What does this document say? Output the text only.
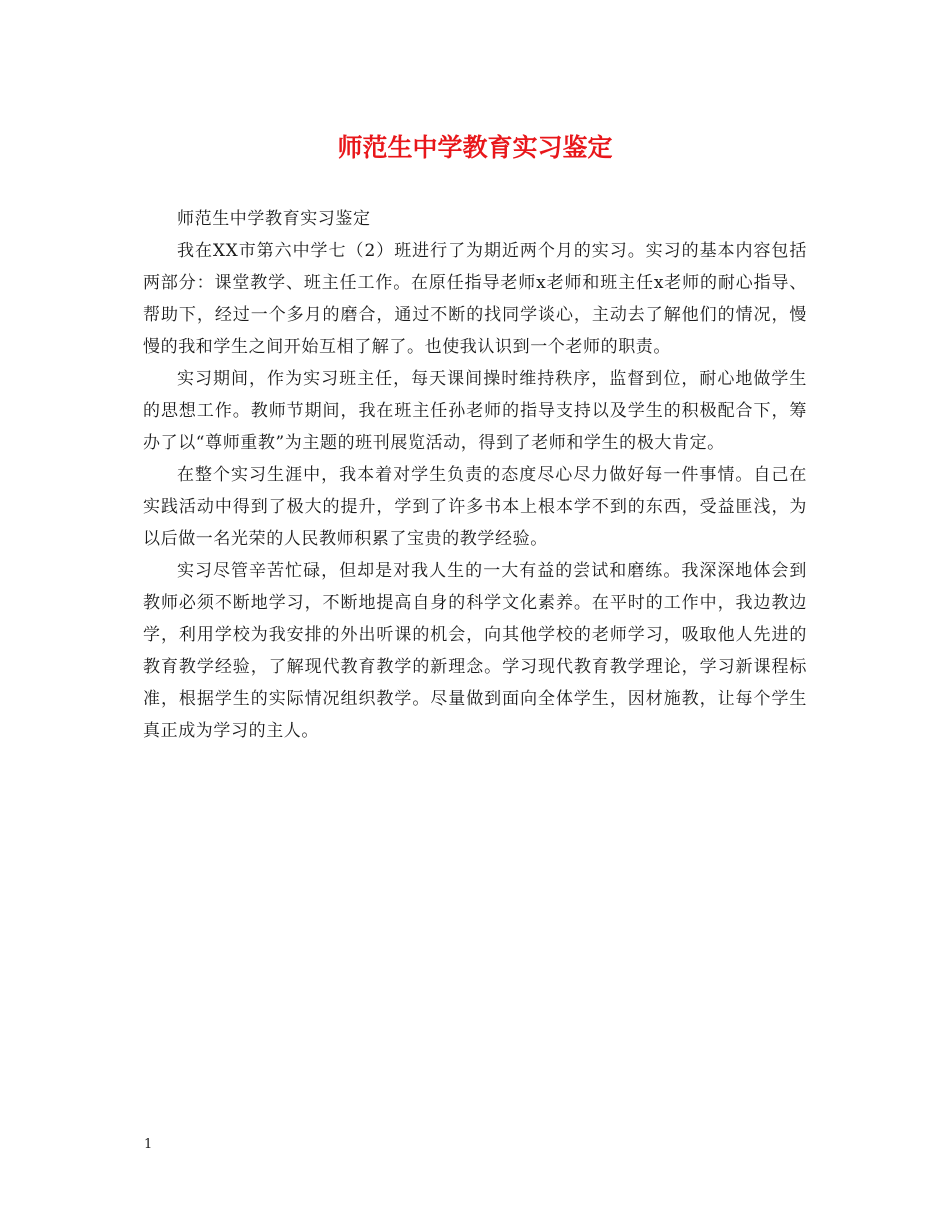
师范生中学教育实习鉴定

师范生中学教育实习鉴定

我在XX市第六中学七（2）班进行了为期近两个月的实习。实习的基本内容包括两部分：课堂教学、班主任工作。在原任指导老师x老师和班主任x老师的耐心指导、帮助下，经过一个多月的磨合，通过不断的找同学谈心，主动去了解他们的情况，慢慢的我和学生之间开始互相了解了。也使我认识到一个老师的职责。

实习期间，作为实习班主任，每天课间操时维持秩序，监督到位，耐心地做学生的思想工作。教师节期间，我在班主任孙老师的指导支持以及学生的积极配合下，筹办了以“尊师重教”为主题的班刊展览活动，得到了老师和学生的极大肯定。

在整个实习生涯中，我本着对学生负责的态度尽心尽力做好每一件事情。自己在实践活动中得到了极大的提升，学到了许多书本上根本学不到的东西，受益匪浅，为以后做一名光荣的人民教师积累了宝贵的教学经验。

实习尽管辛苦忙碌，但却是对我人生的一大有益的尝试和磨练。我深深地体会到教师必须不断地学习，不断地提高自身的科学文化素养。在平时的工作中，我边教边学，利用学校为我安排的外出听课的机会，向其他学校的老师学习，吸取他人先进的教育教学经验，了解现代教育教学的新理念。学习现代教育教学理论，学习新课程标准，根据学生的实际情况组织教学。尽量做到面向全体学生，因材施教，让每个学生真正成为学习的主人。

1
